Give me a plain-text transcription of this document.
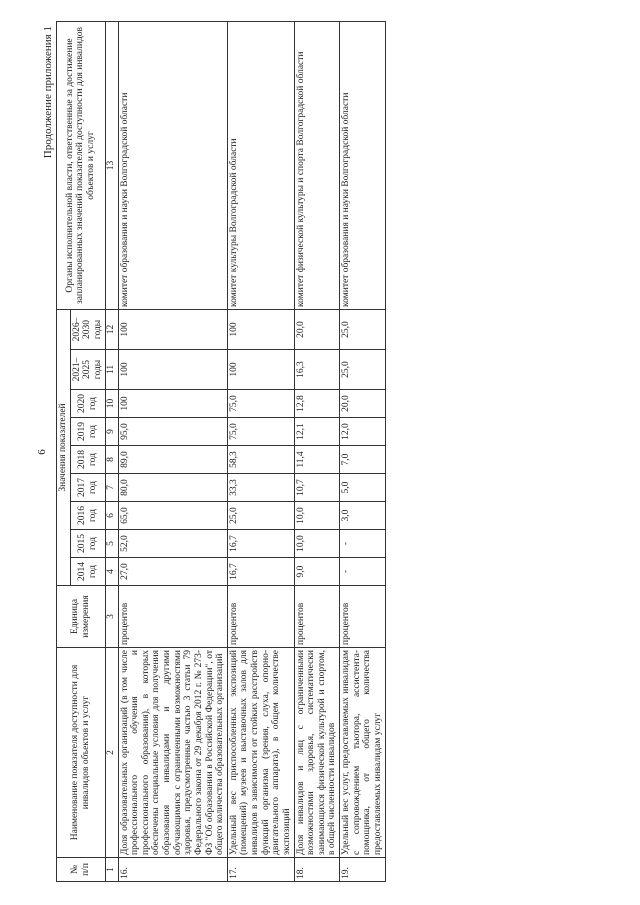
6
Продолжение приложения 1
№ п/п	Наименование показателя доступности для инвалидов объектов и услуг	Единица измерения	Значения показателей									Органы исполнительной власти, ответственные за достижение запланированных значений показателей доступности для инвалидов объектов и услуг
			2014 год	2015 год	2016 год	2017 год	2018 год	2019 год	2020 год	2021–2025 годы	2026–2030 годы	
1	2	3	4	5	6	7	8	9	10	11	12	13
16.	Доля образовательных организаций (в том числе профессионального обучения и профессионального образования), в которых обеспечены специальные условия для получения образования инвалидами и другими обучающимися с ограниченными возможностями здоровья, предусмотренные частью 3 статьи 79 Федерального закона от 29 декабря 2012 г. № 273-ФЗ "Об образовании в Российской Федерации", от общего количества образовательных организаций	процентов	27,0	52,0	65,0	80,0	89,0	95,0	100	100	100	комитет образования и науки Волгоградской области
17.	Удельный вес приспособленных экспозиций (помещений) музеев и выставочных залов для инвалидов в зависимости от стойких расстройств функций организма (зрения, слуха, опорно-двигательного аппарата), в общем количестве экспозиций	процентов	16,7	16,7	25,0	33,3	58,3	75,0	75,0	100	100	комитет культуры Волгоградской области
18.	Доля инвалидов и лиц с ограниченными возможностями здоровья, систематически занимающихся физической культурой и спортом, в общей численности инвалидов	процентов	9,0	10,0	10,0	10,7	11,4	12,1	12,8	16,3	20,0	комитет физической культуры и спорта Волгоградской области
19.	Удельный вес услуг, предоставляемых инвалидам с сопровождением тьютора, ассистента-помощника, от общего количества предоставляемых инвалидам услуг	процентов	-	-	3,0	5,0	7,0	12,0	20,0	25,0	25,0	комитет образования и науки Волгоградской области
